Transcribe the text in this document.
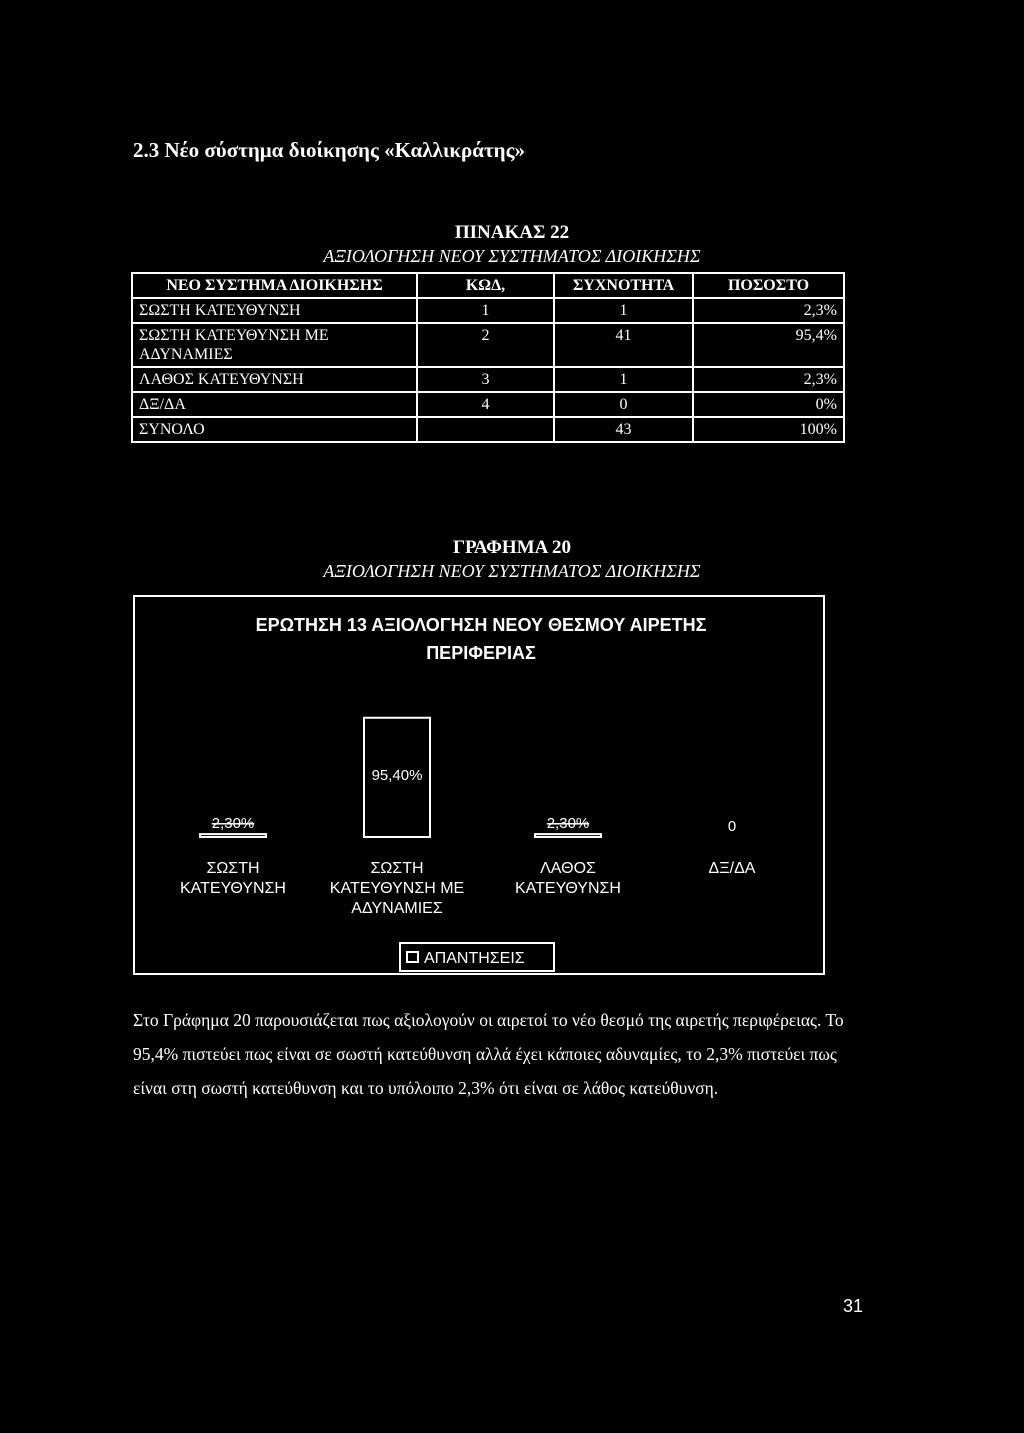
2.3 Νέο σύστημα διοίκησης «Καλλικράτης»
ΠΙΝΑΚΑΣ 22
ΑΞΙΟΛΟΓΗΣΗ ΝΕΟΥ ΣΥΣΤΗΜΑΤΟΣ ΔΙΟΙΚΗΣΗΣ
ΝΕΟ ΣΥΣΤΗΜΑ ΔΙΟΙΚΗΣΗΣ	ΚΩΔ,	ΣΥΧΝΟΤΗΤΑ	ΠΟΣΟΣΤΟ
ΣΩΣΤΗ ΚΑΤΕΥΘΥΝΣΗ	1	1	2,3%
ΣΩΣΤΗ ΚΑΤΕΥΘΥΝΣΗ ΜΕ ΑΔΥΝΑΜΙΕΣ	2	41	95,4%
ΛΑΘΟΣ ΚΑΤΕΥΘΥΝΣΗ	3	1	2,3%
ΔΞ/ΔΑ	4	0	0%
ΣΥΝΟΛΟ		43	100%
ΓΡΑΦΗΜΑ 20
ΑΞΙΟΛΟΓΗΣΗ ΝΕΟΥ ΣΥΣΤΗΜΑΤΟΣ ΔΙΟΙΚΗΣΗΣ
ΕΡΩΤΗΣΗ 13 ΑΞΙΟΛΟΓΗΣΗ ΝΕΟΥ ΘΕΣΜΟΥ ΑΙΡΕΤΗΣ
ΠΕΡΙΦΕΡΙΑΣ
2,30%
95,40%
2,30%	0
ΣΩΣΤΗ
ΚΑΤΕΥΘΥΝΣΗ
ΣΩΣΤΗ
ΚΑΤΕΥΘΥΝΣΗ ΜΕ
ΑΔΥΝΑΜΙΕΣ
ΛΑΘΟΣ
ΚΑΤΕΥΘΥΝΣΗ
ΔΞ/ΔΑ
ΑΠΑΝΤΗΣΕΙΣ

Στο Γράφημα 20 παρουσιάζεται πως αξιολογούν οι αιρετοί το νέο θεσμό της αιρετής περιφέρειας. Το 95,4% πιστεύει πως είναι σε σωστή κατεύθυνση αλλά έχει κάποιες αδυναμίες, το 2,3% πιστεύει πως είναι στη σωστή κατεύθυνση και το υπόλοιπο 2,3% ότι είναι σε λάθος κατεύθυνση.

31
